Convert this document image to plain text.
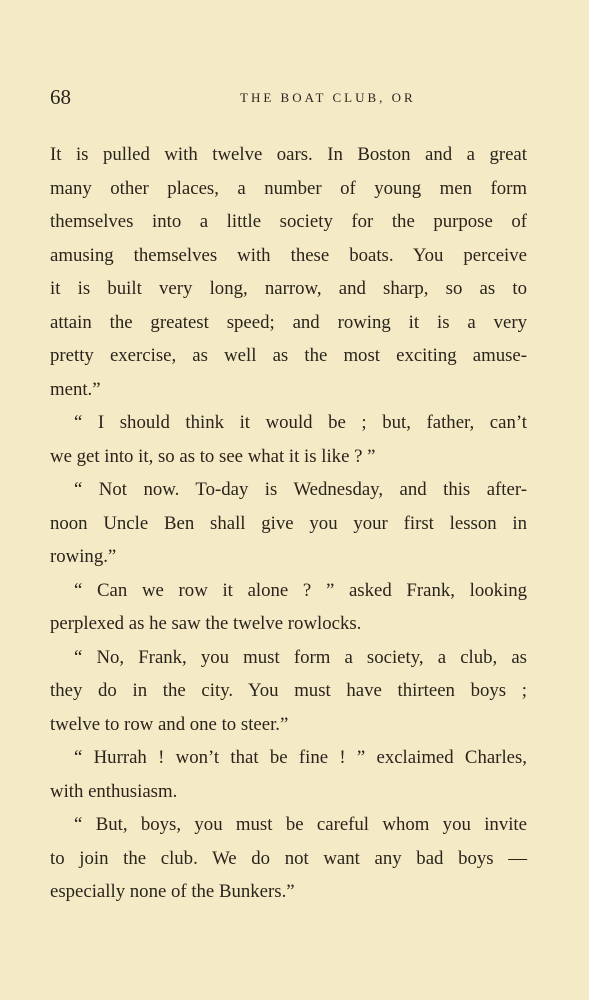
68	THE BOAT CLUB, OR
It is pulled with twelve oars. In Boston and a great
many other places, a number of young men form
themselves into a little society for the purpose of
amusing themselves with these boats. You perceive
it is built very long, narrow, and sharp, so as to
attain the greatest speed; and rowing it is a very
pretty exercise, as well as the most exciting amuse-
ment.”
“ I should think it would be ; but, father, can’t
we get into it, so as to see what it is like ? ”
“ Not now. To-day is Wednesday, and this after-
noon Uncle Ben shall give you your first lesson in
rowing.”
“ Can we row it alone ? ” asked Frank, looking
perplexed as he saw the twelve rowlocks.
“ No, Frank, you must form a society, a club, as
they do in the city. You must have thirteen boys ;
twelve to row and one to steer.”
“ Hurrah ! won’t that be fine ! ” exclaimed Charles,
with enthusiasm.
“ But, boys, you must be careful whom you invite
to join the club. We do not want any bad boys —
especially none of the Bunkers.”
